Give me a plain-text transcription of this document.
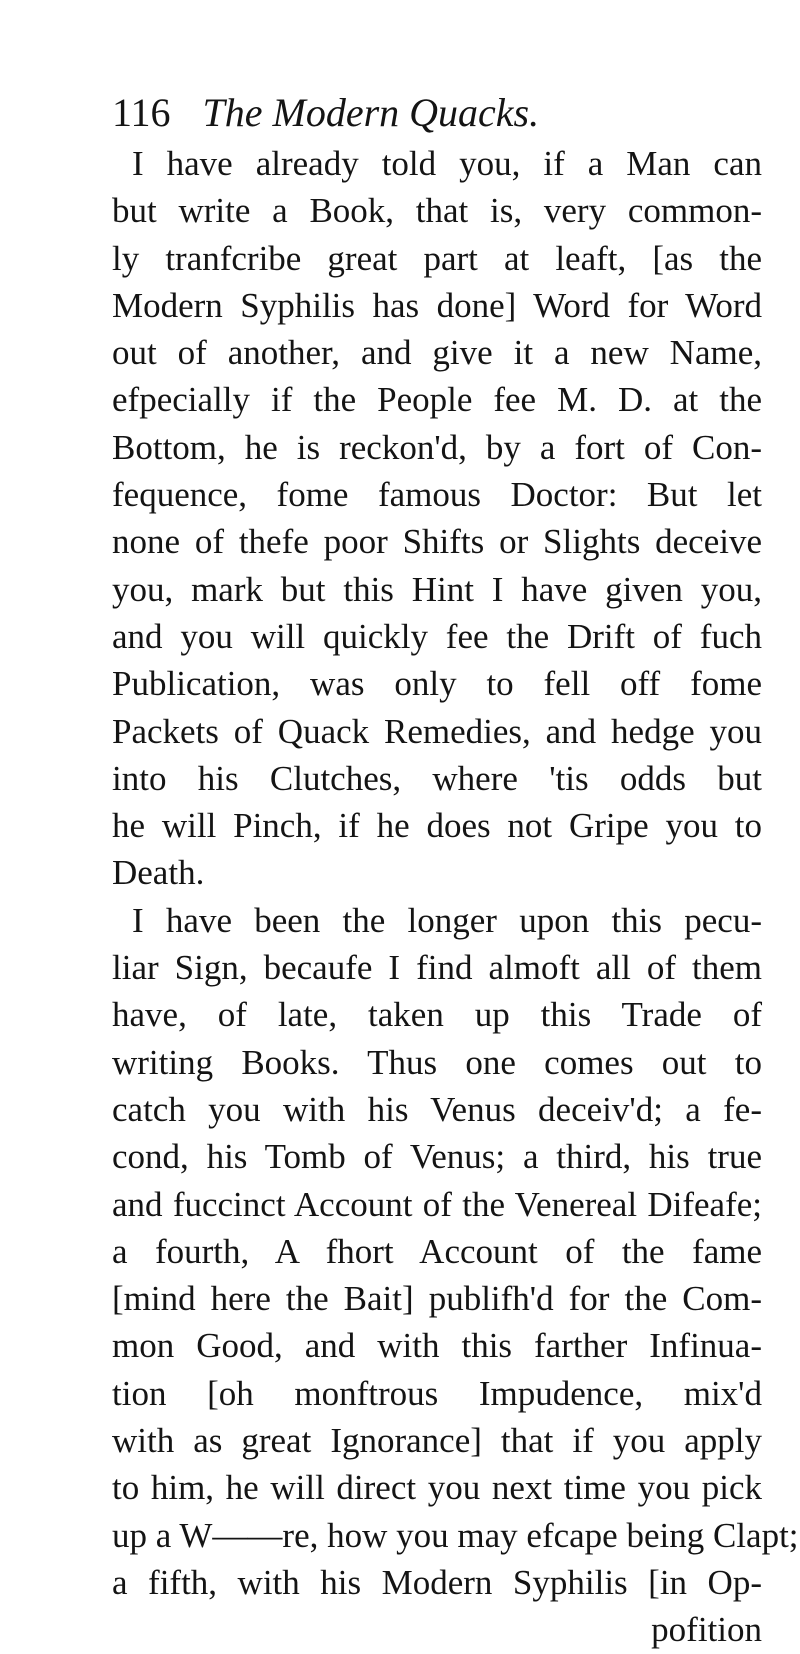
116 The Modern Quacks.
I have already told you, if a Man can
but write a Book, that is, very common-
ly tranfcribe great part at leaft, [as the
Modern Syphilis has done] Word for Word
out of another, and give it a new Name,
efpecially if the People fee M. D. at the
Bottom, he is reckon'd, by a fort of Con-
fequence, fome famous Doctor: But let
none of thefe poor Shifts or Slights deceive
you, mark but this Hint I have given you,
and you will quickly fee the Drift of fuch
Publication, was only to fell off fome
Packets of Quack Remedies, and hedge you
into his Clutches, where 'tis odds but
he will Pinch, if he does not Gripe you to
Death.
I have been the longer upon this pecu-
liar Sign, becaufe I find almoft all of them
have, of late, taken up this Trade of
writing Books. Thus one comes out to
catch you with his Venus deceiv'd; a fe-
cond, his Tomb of Venus; a third, his true
and fuccinct Account of the Venereal Difeafe;
a fourth, A fhort Account of the fame
[mind here the Bait] publifh'd for the Com-
mon Good, and with this farther Infinua-
tion [oh monftrous Impudence, mix'd
with as great Ignorance] that if you apply
to him, he will direct you next time you pick
up a W——re, how you may efcape being Clapt;
a fifth, with his Modern Syphilis [in Op-
pofition
